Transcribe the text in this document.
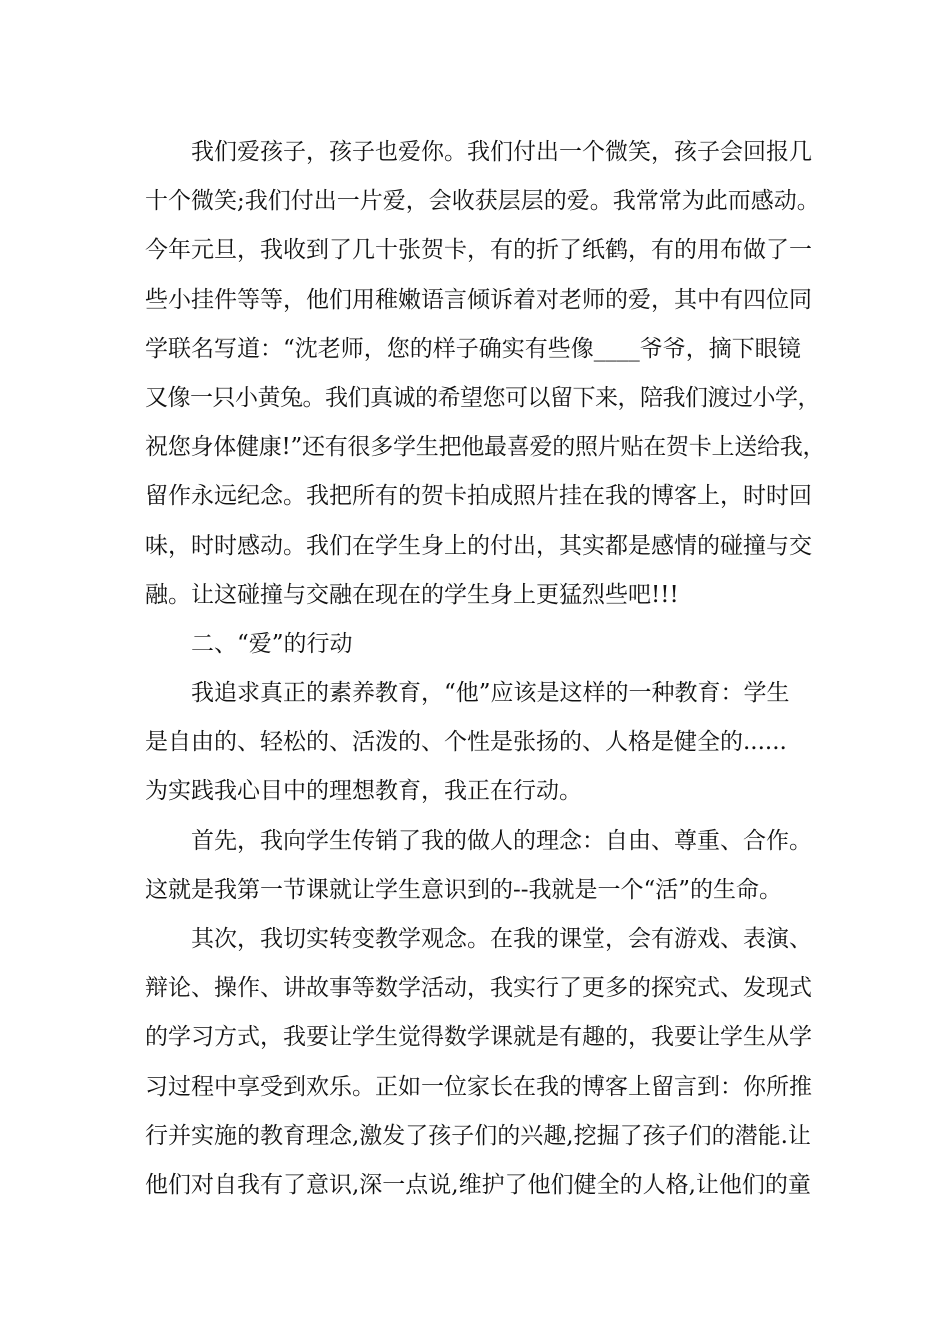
我们爱孩子，孩子也爱你。我们付出一个微笑，孩子会回报几
十个微笑;我们付出一片爱，会收获层层的爱。我常常为此而感动。
今年元旦，我收到了几十张贺卡，有的折了纸鹤，有的用布做了一
些小挂件等等，他们用稚嫩语言倾诉着对老师的爱，其中有四位同
学联名写道：“沈老师，您的样子确实有些像____爷爷，摘下眼镜
又像一只小黄兔。我们真诚的希望您可以留下来，陪我们渡过小学，
祝您身体健康!”还有很多学生把他最喜爱的照片贴在贺卡上送给我，
留作永远纪念。我把所有的贺卡拍成照片挂在我的博客上，时时回
味，时时感动。我们在学生身上的付出，其实都是感情的碰撞与交
融。让这碰撞与交融在现在的学生身上更猛烈些吧!!!
二、“爱”的行动
我追求真正的素养教育，“他”应该是这样的一种教育：学生
是自由的、轻松的、活泼的、个性是张扬的、人格是健全的......
为实践我心目中的理想教育，我正在行动。
首先，我向学生传销了我的做人的理念：自由、尊重、合作。
这就是我第一节课就让学生意识到的--我就是一个“活”的生命。
其次，我切实转变教学观念。在我的课堂，会有游戏、表演、
辩论、操作、讲故事等数学活动，我实行了更多的探究式、发现式
的学习方式，我要让学生觉得数学课就是有趣的，我要让学生从学
习过程中享受到欢乐。正如一位家长在我的博客上留言到：你所推
行并实施的教育理念,激发了孩子们的兴趣,挖掘了孩子们的潜能.让
他们对自我有了意识,深一点说,维护了他们健全的人格,让他们的童
